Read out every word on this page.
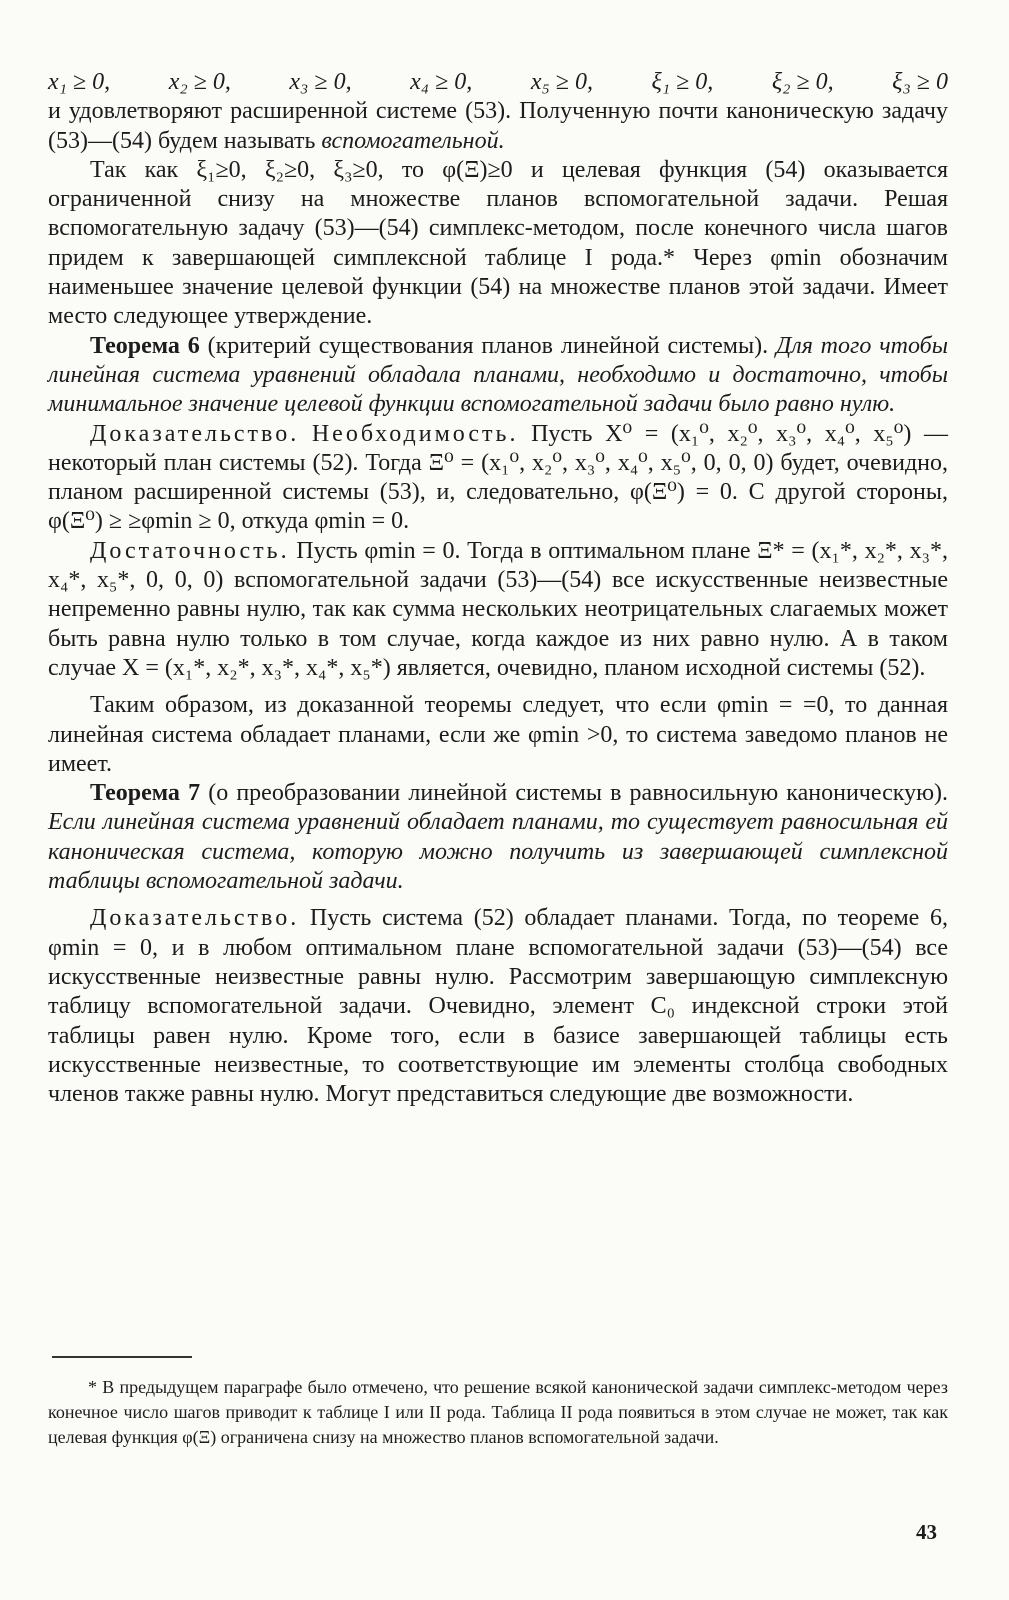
x₁ ≥ 0, x₂ ≥ 0, x₃ ≥ 0, x₄ ≥ 0, x₅ ≥ 0, ξ₁ ≥ 0, ξ₂ ≥ 0, ξ₃ ≥ 0

и удовлетворяют расширенной системе (53). Полученную почти каноническую задачу (53)—(54) будем называть вспомогательной.

Так как ξ₁≥0, ξ₂≥0, ξ₃≥0, то φ(Ξ)≥0 и целевая функция (54) оказывается ограниченной снизу на множестве планов вспомогательной задачи. Решая вспомогательную задачу (53)—(54) симплекс-методом, после конечного числа шагов придем к завершающей симплексной таблице I рода.* Через φmin обозначим наименьшее значение целевой функции (54) на множестве планов этой задачи. Имеет место следующее утверждение.

Теорема 6 (критерий существования планов линейной системы). Для того чтобы линейная система уравнений обладала планами, необходимо и достаточно, чтобы минимальное значение целевой функции вспомогательной задачи было равно нулю.

Доказательство. Необходимость. Пусть X⁰ = (x₁⁰, x₂⁰, x₃⁰, x₄⁰, x₅⁰) — некоторый план системы (52). Тогда Ξ⁰ = (x₁⁰, x₂⁰, x₃⁰, x₄⁰, x₅⁰, 0, 0, 0) будет, очевидно, планом расширенной системы (53), и, следовательно, φ(Ξ⁰) = 0. С другой стороны, φ(Ξ⁰) ≥ ≥φmin ≥ 0, откуда φmin = 0.

Достаточность. Пусть φmin = 0. Тогда в оптимальном плане Ξ* = (x₁*, x₂*, x₃*, x₄*, x₅*, 0, 0, 0) вспомогательной задачи (53)—(54) все искусственные неизвестные непременно равны нулю, так как сумма нескольких неотрицательных слагаемых может быть равна нулю только в том случае, когда каждое из них равно нулю. А в таком случае X = (x₁*, x₂*, x₃*, x₄*, x₅*) является, очевидно, планом исходной системы (52).

Таким образом, из доказанной теоремы следует, что если φmin = =0, то данная линейная система обладает планами, если же φmin >0, то система заведомо планов не имеет.

Теорема 7 (о преобразовании линейной системы в равносильную каноническую). Если линейная система уравнений обладает планами, то существует равносильная ей каноническая система, которую можно получить из завершающей симплексной таблицы вспомогательной задачи.

Доказательство. Пусть система (52) обладает планами. Тогда, по теореме 6, φmin = 0, и в любом оптимальном плане вспомогательной задачи (53)—(54) все искусственные неизвестные равны нулю. Рассмотрим завершающую симплексную таблицу вспомогательной задачи. Очевидно, элемент C₀ индексной строки этой таблицы равен нулю. Кроме того, если в базисе завершающей таблицы есть искусственные неизвестные, то соответствующие им элементы столбца свободных членов также равны нулю. Могут представиться следующие две возможности.

* В предыдущем параграфе было отмечено, что решение всякой канонической задачи симплекс-методом через конечное число шагов приводит к таблице I или II рода. Таблица II рода появиться в этом случае не может, так как целевая функция φ(Ξ) ограничена снизу на множество планов вспомогательной задачи.

43
